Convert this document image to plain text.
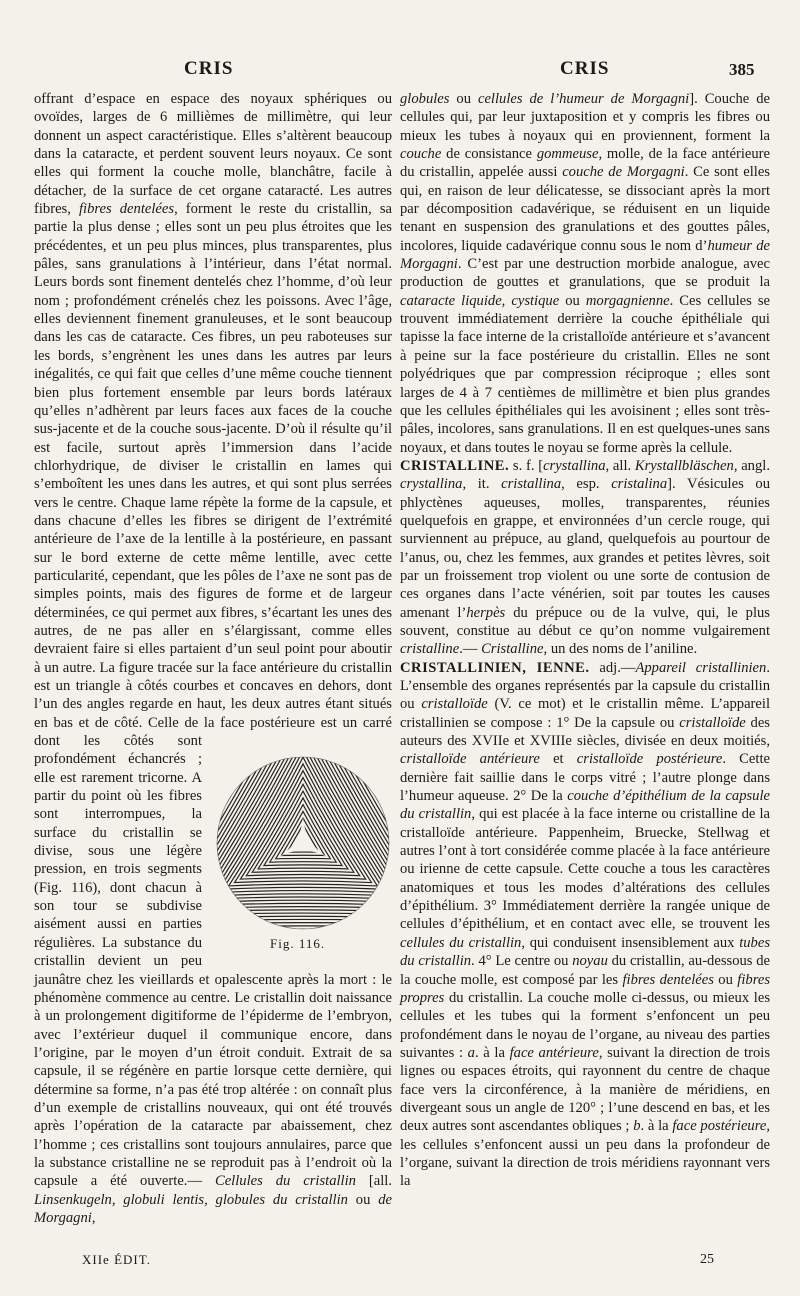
CRIS	CRIS	385

offrant d’espace en espace des noyaux sphériques ou ovoïdes, larges de 6 millièmes de millimètre, qui leur donnent un aspect caractéristique. Elles s’altèrent beaucoup dans la cataracte, et perdent souvent leurs noyaux. Ce sont elles qui forment la couche molle, blanchâtre, facile à détacher, de la surface de cet organe cataracté. Les autres fibres, fibres dentelées, forment le reste du cristallin, sa partie la plus dense ; elles sont un peu plus étroites que les précédentes, et un peu plus minces, plus transparentes, plus pâles, sans granulations à l’intérieur, dans l’état normal. Leurs bords sont finement dentelés chez l’homme, d’où leur nom ; profondément crénelés chez les poissons. Avec l’âge, elles deviennent finement granuleuses, et le sont beaucoup dans les cas de cataracte. Ces fibres, un peu raboteuses sur les bords, s’engrènent les unes dans les autres par leurs inégalités, ce qui fait que celles d’une même couche tiennent bien plus fortement ensemble par leurs bords latéraux qu’elles n’adhèrent par leurs faces aux faces de la couche sus-jacente et de la couche sous-jacente. D’où il résulte qu’il est facile, surtout après l’immersion dans l’acide chlorhydrique, de diviser le cristallin en lames qui s’emboîtent les unes dans les autres, et qui sont plus serrées vers le centre. Chaque lame répète la forme de la capsule, et dans chacune d’elles les fibres se dirigent de l’extrémité antérieure de l’axe de la lentille à la postérieure, en passant sur le bord externe de cette même lentille, avec cette particularité, cependant, que les pôles de l’axe ne sont pas de simples points, mais des figures de forme et de largeur déterminées, ce qui permet aux fibres, s’écartant les unes des autres, de ne pas aller en s’élargissant, comme elles devraient faire si elles partaient d’un seul point pour aboutir à un autre. La figure tracée sur la face antérieure du cristallin est un triangle à côtés courbes et concaves en dehors, dont l’un des angles regarde en haut, les deux autres étant situés en bas et de côté. Celle de la face postérieure est un carré dont les côtés sont profondément échancrés ; elle est rarement tricorne. A partir du point où les fibres sont interrompues, la surface du cristallin se divise, sous une légère pression, en trois segments (Fig. 116), dont chacun à son tour se subdivise aisément aussi en parties régulières. La substance du cristallin devient un peu jaunâtre chez les vieillards et opalescente après la mort : le phénomène commence au centre. Le cristallin doit naissance à un prolongement digitiforme de l’épiderme de l’embryon, avec l’extérieur duquel il communique encore, dans l’origine, par le moyen d’un étroit conduit. Extrait de sa capsule, il se régénère en partie lorsque cette dernière, qui détermine sa forme, n’a pas été trop altérée : on connaît plus d’un exemple de cristallins nouveaux, qui ont été trouvés après l’opération de la cataracte par abaissement, chez l’homme ; ces cristallins sont toujours annulaires, parce que la substance cristalline ne se reproduit pas à l’endroit où la capsule a été ouverte.— Cellules du cristallin [all. Linsenkugeln, globuli lentis, globules du cristallin ou de Morgagni,

Fig. 116.

globules ou cellules de l’humeur de Morgagni]. Couche de cellules qui, par leur juxtaposition et y compris les fibres ou mieux les tubes à noyaux qui en proviennent, forment la couche de consistance gommeuse, molle, de la face antérieure du cristallin, appelée aussi couche de Morgagni. Ce sont elles qui, en raison de leur délicatesse, se dissociant après la mort par décomposition cadavérique, se réduisent en un liquide tenant en suspension des granulations et des gouttes pâles, incolores, liquide cadavérique connu sous le nom d’humeur de Morgagni. C’est par une destruction morbide analogue, avec production de gouttes et granulations, que se produit la cataracte liquide, cystique ou morgagnienne. Ces cellules se trouvent immédiatement derrière la couche épithéliale qui tapisse la face interne de la cristalloïde antérieure et s’avancent à peine sur la face postérieure du cristallin. Elles ne sont polyédriques que par compression réciproque ; elles sont larges de 4 à 7 centièmes de millimètre et bien plus grandes que les cellules épithéliales qui les avoisinent ; elles sont très-pâles, incolores, sans granulations. Il en est quelques-unes sans noyaux, et dans toutes le noyau se forme après la cellule.

CRISTALLINE. s. f. [crystallina, all. Krystallbläschen, angl. crystallina, it. cristallina, esp. cristalina]. Vésicules ou phlyctènes aqueuses, molles, transparentes, réunies quelquefois en grappe, et environnées d’un cercle rouge, qui surviennent au prépuce, au gland, quelquefois au pourtour de l’anus, ou, chez les femmes, aux grandes et petites lèvres, soit par un froissement trop violent ou une sorte de contusion de ces organes dans l’acte vénérien, soit par toutes les causes amenant l’herpès du prépuce ou de la vulve, qui, le plus souvent, constitue au début ce qu’on nomme vulgairement cristalline.— Cristalline, un des noms de l’aniline.

CRISTALLINIEN, IENNE. adj.—Appareil cristallinien. L’ensemble des organes représentés par la capsule du cristallin ou cristalloïde (V. ce mot) et le cristallin même. L’appareil cristallinien se compose : 1° De la capsule ou cristalloïde des auteurs des XVIIe et XVIIIe siècles, divisée en deux moitiés, cristalloïde antérieure et cristalloïde postérieure. Cette dernière fait saillie dans le corps vitré ; l’autre plonge dans l’humeur aqueuse. 2° De la couche d’épithélium de la capsule du cristallin, qui est placée à la face interne ou cristalline de la cristalloïde antérieure. Pappenheim, Bruecke, Stellwag et autres l’ont à tort considérée comme placée à la face antérieure ou irienne de cette capsule. Cette couche a tous les caractères anatomiques et tous les modes d’altérations des cellules d’épithélium. 3° Immédiatement derrière la rangée unique de cellules d’épithélium, et en contact avec elle, se trouvent les cellules du cristallin, qui conduisent insensiblement aux tubes du cristallin. 4° Le centre ou noyau du cristallin, au-dessous de la couche molle, est composé par les fibres dentelées ou fibres propres du cristallin. La couche molle ci-dessus, ou mieux les cellules et les tubes qui la forment s’enfoncent un peu profondément dans le noyau de l’organe, au niveau des parties suivantes : a. à la face antérieure, suivant la direction de trois lignes ou espaces étroits, qui rayonnent du centre de chaque face vers la circonférence, à la manière de méridiens, en divergeant sous un angle de 120° ; l’une descend en bas, et les deux autres sont ascendantes obliques ; b. à la face postérieure, les cellules s’enfoncent aussi un peu dans la profondeur de l’organe, suivant la direction de trois méridiens rayonnant vers la

XIIe ÉDIT.	25
